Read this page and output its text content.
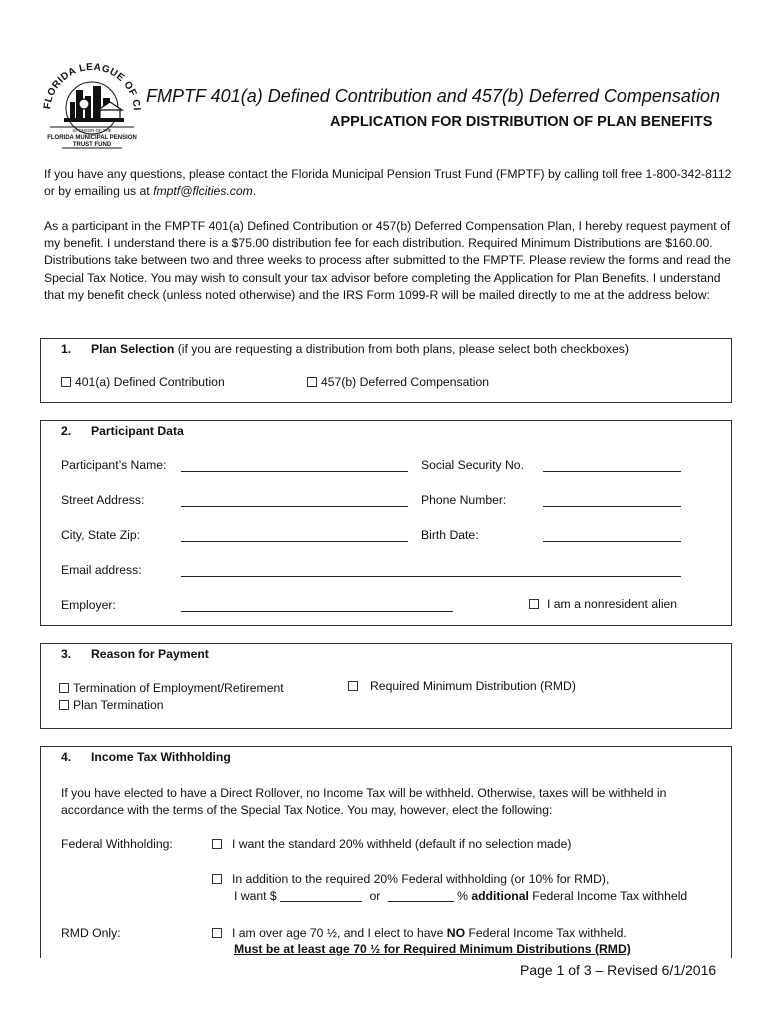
FLORIDA LEAGUE OF CI
SPONSOR OF THE
FLORIDA MUNICIPAL PENSION
TRUST FUND
FMPTF 401(a) Defined Contribution and 457(b) Deferred Compensation
APPLICATION FOR DISTRIBUTION OF PLAN BENEFITS
If you have any questions, please contact the Florida Municipal Pension Trust Fund (FMPTF) by calling toll free 1-800-342-8112 or by emailing us at fmptf@flcities.com.
As a participant in the FMPTF 401(a) Defined Contribution or 457(b) Deferred Compensation Plan, I hereby request payment of my benefit. I understand there is a $75.00 distribution fee for each distribution. Required Minimum Distributions are $160.00. Distributions take between two and three weeks to process after submitted to the FMPTF. Please review the forms and read the Special Tax Notice. You may wish to consult your tax advisor before completing the Application for Plan Benefits. I understand that my benefit check (unless noted otherwise) and the IRS Form 1099-R will be mailed directly to me at the address below:
1. Plan Selection (if you are requesting a distribution from both plans, please select both checkboxes)
401(a) Defined Contribution	457(b) Deferred Compensation
2. Participant Data
Participant’s Name:	Social Security No.
Street Address:	Phone Number:
City, State Zip:	Birth Date:
Email address:
Employer:	I am a nonresident alien
3. Reason for Payment
Termination of Employment/Retirement	Required Minimum Distribution (RMD)
Plan Termination
4. Income Tax Withholding
If you have elected to have a Direct Rollover, no Income Tax will be withheld. Otherwise, taxes will be withheld in accordance with the terms of the Special Tax Notice. You may, however, elect the following:
Federal Withholding:	I want the standard 20% withheld (default if no selection made)
In addition to the required 20% Federal withholding (or 10% for RMD),
I want $	or	% additional Federal Income Tax withheld
RMD Only:	I am over age 70 ½, and I elect to have NO Federal Income Tax withheld.
Must be at least age 70 ½ for Required Minimum Distributions (RMD)
Page 1 of 3 – Revised 6/1/2016
